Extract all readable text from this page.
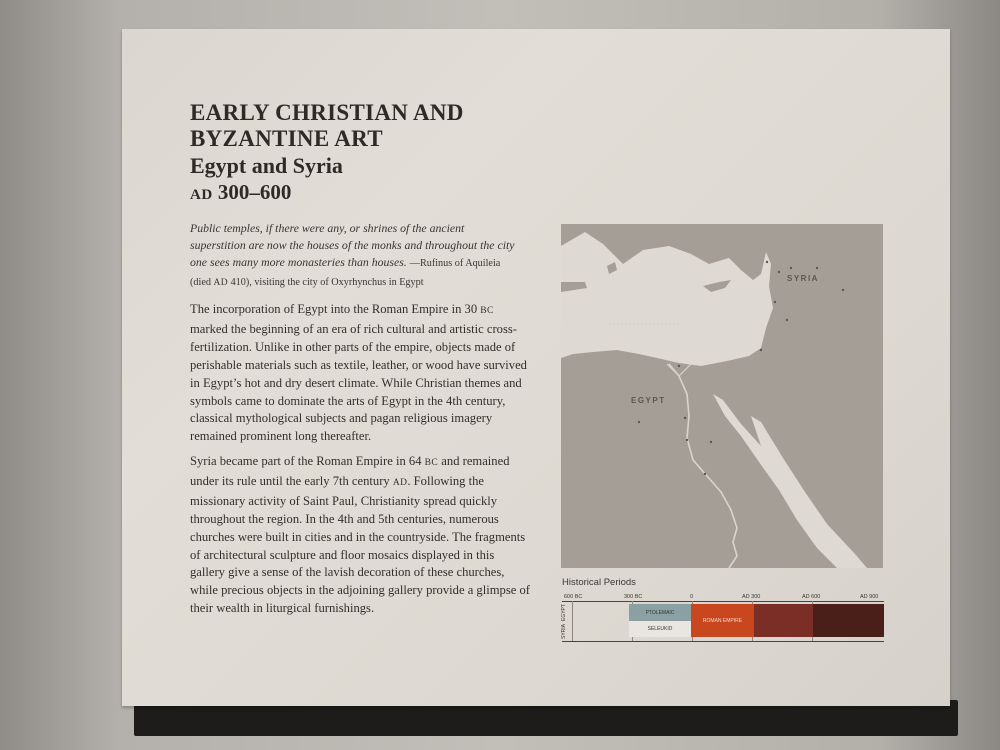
EARLY CHRISTIAN AND
BYZANTINE ART
Egypt and Syria
AD 300–600
Public temples, if there were any, or shrines of the ancient superstition are now the houses of the monks and throughout the city one sees many more monasteries than houses. —Rufinus of Aquileia (died AD 410), visiting the city of Oxyrhynchus in Egypt
The incorporation of Egypt into the Roman Empire in 30 BC marked the beginning of an era of rich cultural and artistic cross-fertilization. Unlike in other parts of the empire, objects made of perishable materials such as textile, leather, or wood have survived in Egypt’s hot and dry desert climate. While Christian themes and symbols came to dominate the arts of Egypt in the 4th century, classical mythological subjects and pagan religious imagery remained prominent long thereafter.
Syria became part of the Roman Empire in 64 BC and remained under its rule until the early 7th century AD. Following the missionary activity of Saint Paul, Christianity spread quickly throughout the region. In the 4th and 5th centuries, numerous churches were built in cities and in the countryside. The fragments of architectural sculpture and floor mosaics displayed in this gallery give a sense of the lavish decoration of these churches, while precious objects in the adjoining gallery provide a glimpse of their wealth in liturgical furnishings.
SYRIA
EGYPT
Historical Periods
600 BC	300 BC	0	AD 300	AD 600	AD 900
EGYPT
SYRIA
PTOLEMAIC
SELEUKID
ROMAN EMPIRE
